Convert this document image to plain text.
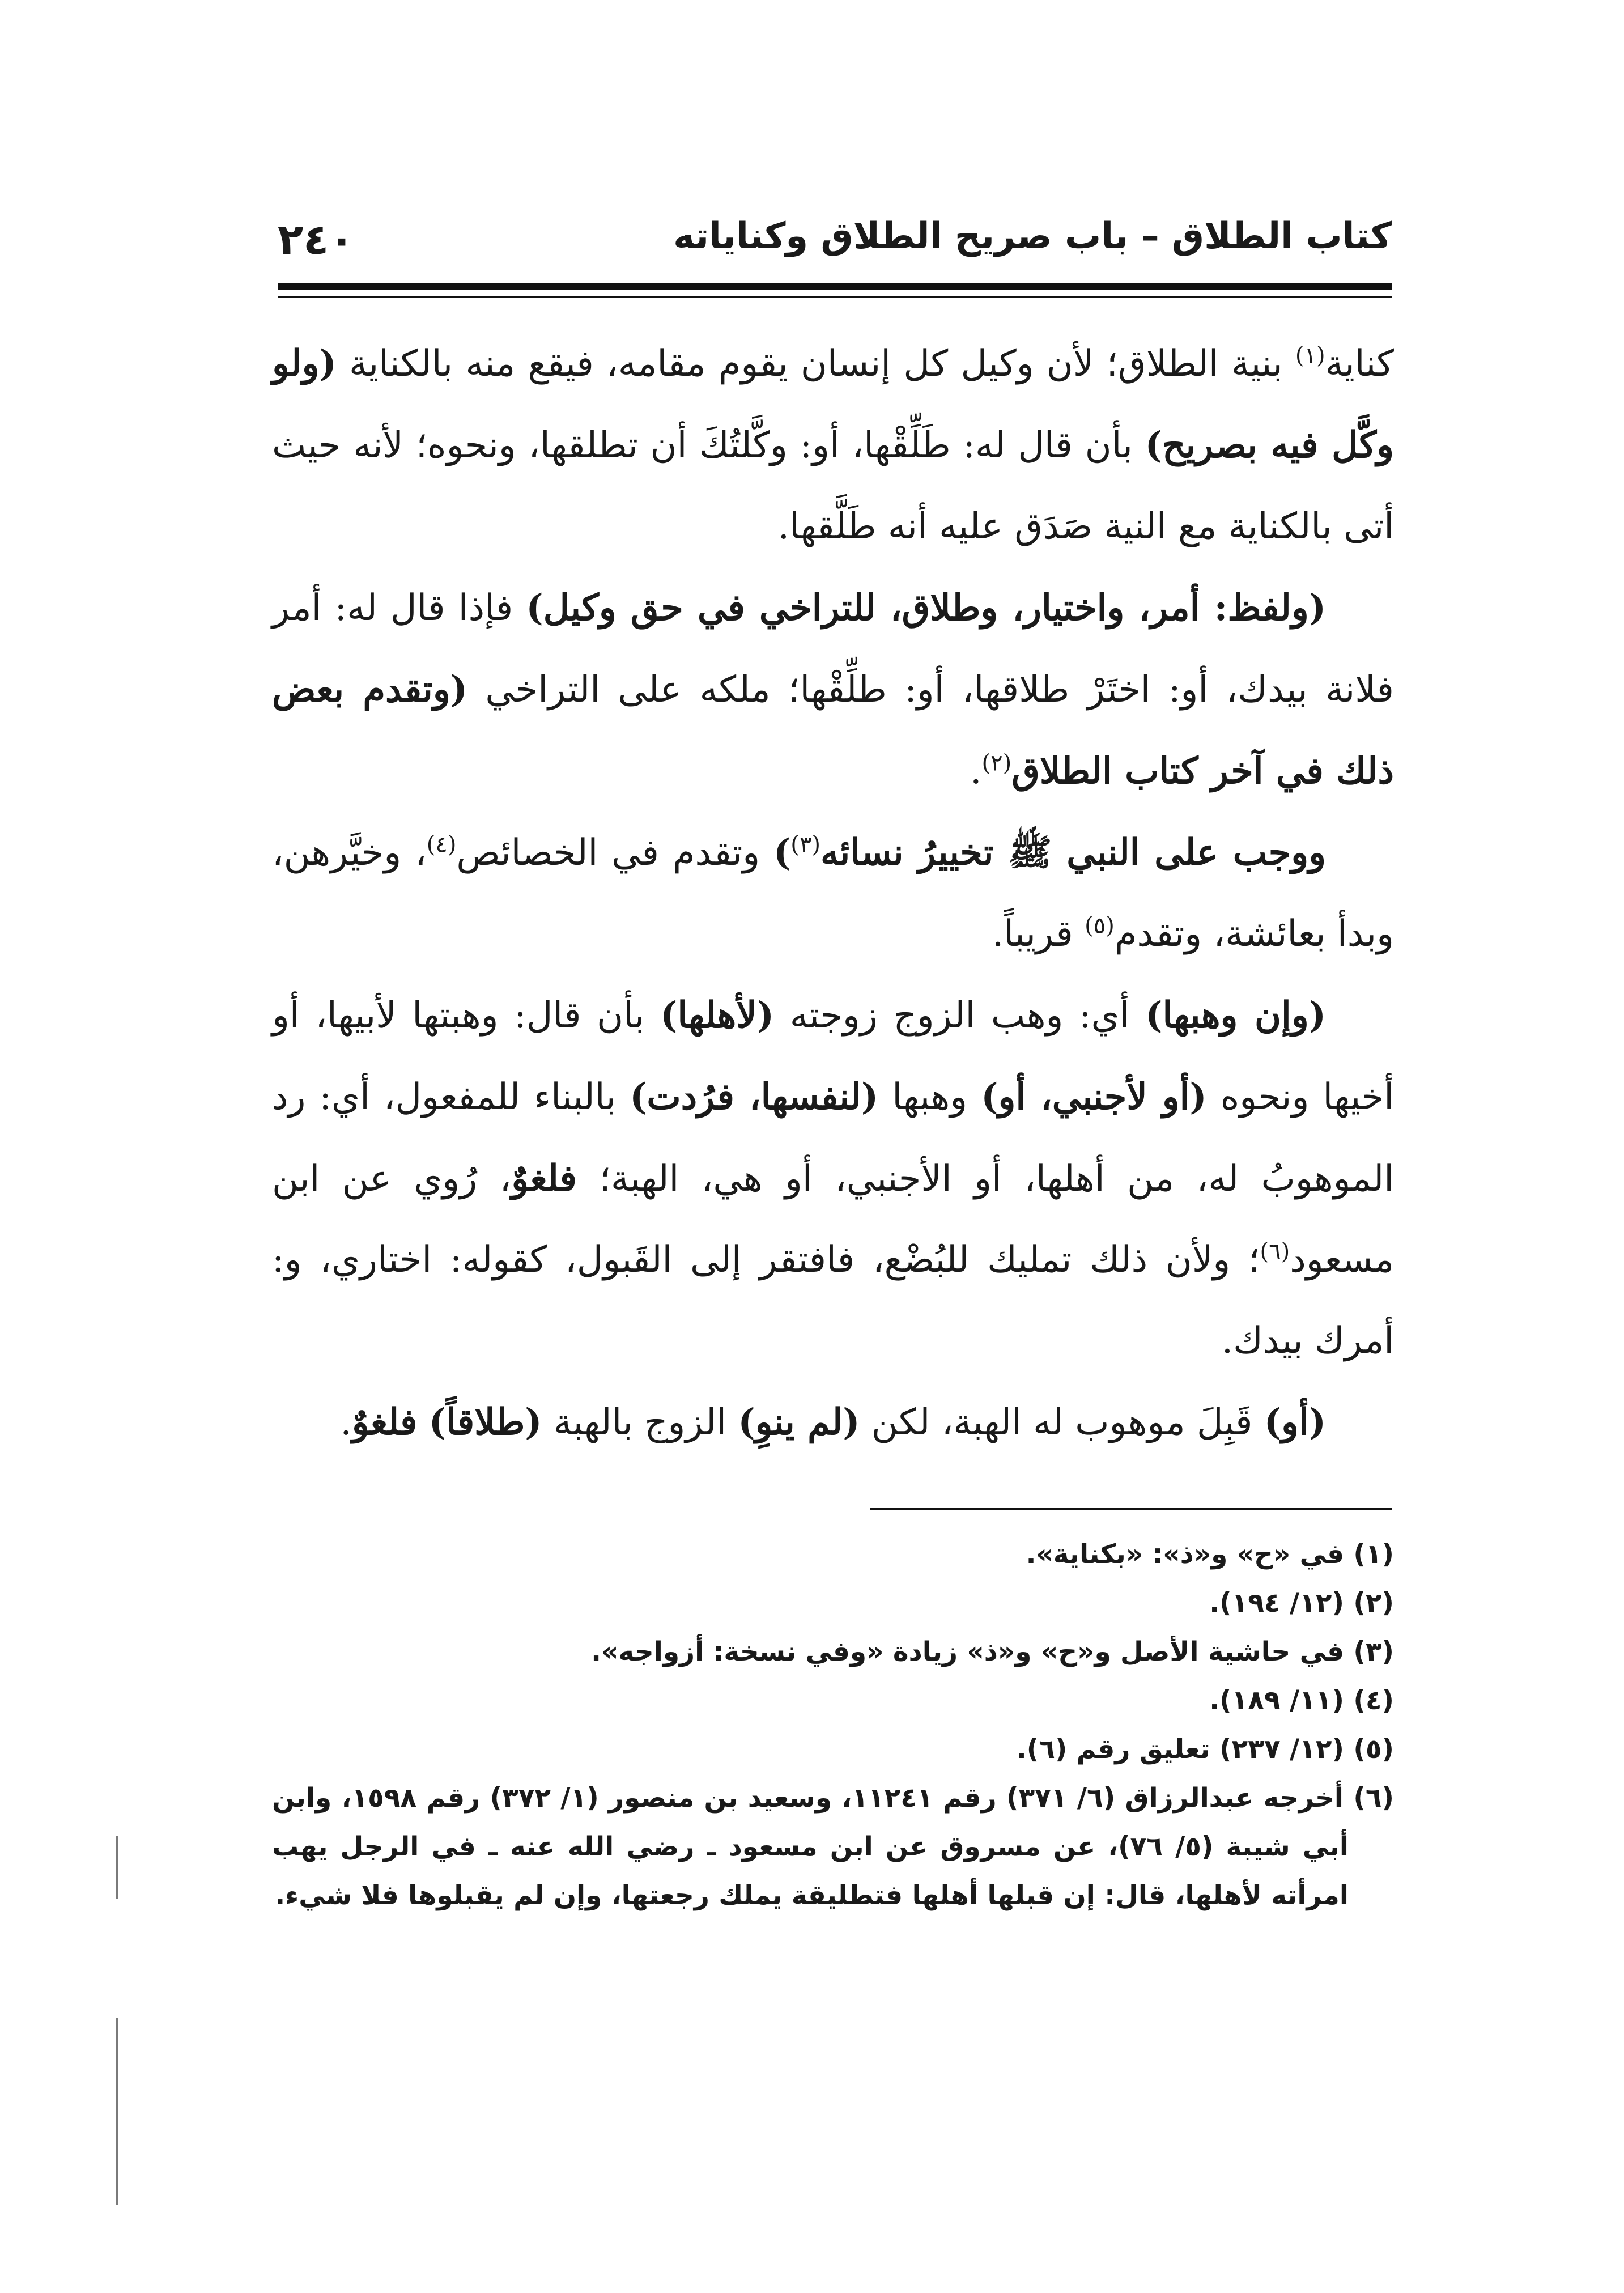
٢٤٠	كتاب الطلاق – باب صريح الطلاق وكناياته

كناية$^{(١)}$ بنية الطلاق؛ لأن وكيل كل إنسان يقوم مقامه، فيقع منه بالكناية (ولو وكَّل فيه بصريح) بأن قال له: طَلِّقْها، أو: وكَّلتُكَ أن تطلقها، ونحوه؛ لأنه حيث أتى بالكناية مع النية صَدَق عليه أنه طَلَّقها.

(ولفظ: أمر، واختيار، وطلاق، للتراخي في حق وكيل) فإذا قال له: أمر فلانة بيدك، أو: اختَرْ طلاقها، أو: طلِّقْها؛ ملكه على التراخي (وتقدم بعض ذلك في آخر كتاب الطلاق$^{(٢)}$.

ووجب على النبي ﷺ تخييرُ نسائه$^{(٣)}$) وتقدم في الخصائص$^{(٤)}$، وخيَّرهن، وبدأ بعائشة، وتقدم$^{(٥)}$ قريباً.

(وإن وهبها) أي: وهب الزوج زوجته (لأهلها) بأن قال: وهبتها لأبيها، أو أخيها ونحوه (أو لأجنبي، أو) وهبها (لنفسها، فرُدت) بالبناء للمفعول، أي: رد الموهوبُ له، من أهلها، أو الأجنبي، أو هي، الهبة؛ فلغوٌ، رُوي عن ابن مسعود$^{(٦)}$؛ ولأن ذلك تمليك للبُضْع، فافتقر إلى القَبول، كقوله: اختاري، و: أمرك بيدك.

(أو) قَبِلَ موهوب له الهبة، لكن (لم ينوِ) الزوج بالهبة (طلاقاً) فلغوٌ.

(١) في «ح» و«ذ»: «بكناية».

(٢) (١٢/ ١٩٤).

(٣) في حاشية الأصل و«ح» و«ذ» زيادة «وفي نسخة: أزواجه».

(٤) (١١/ ١٨٩).

(٥) (١٢/ ٢٣٧) تعليق رقم (٦).

(٦) أخرجه عبدالرزاق (٦/ ٣٧١) رقم ١١٢٤١، وسعيد بن منصور (١/ ٣٧٢) رقم ١٥٩٨، وابن أبي شيبة (٥/ ٧٦)، عن مسروق عن ابن مسعود ـ رضي الله عنه ـ في الرجل يهب امرأته لأهلها، قال: إن قبلها أهلها فتطليقة يملك رجعتها، وإن لم يقبلوها فلا شيء.
